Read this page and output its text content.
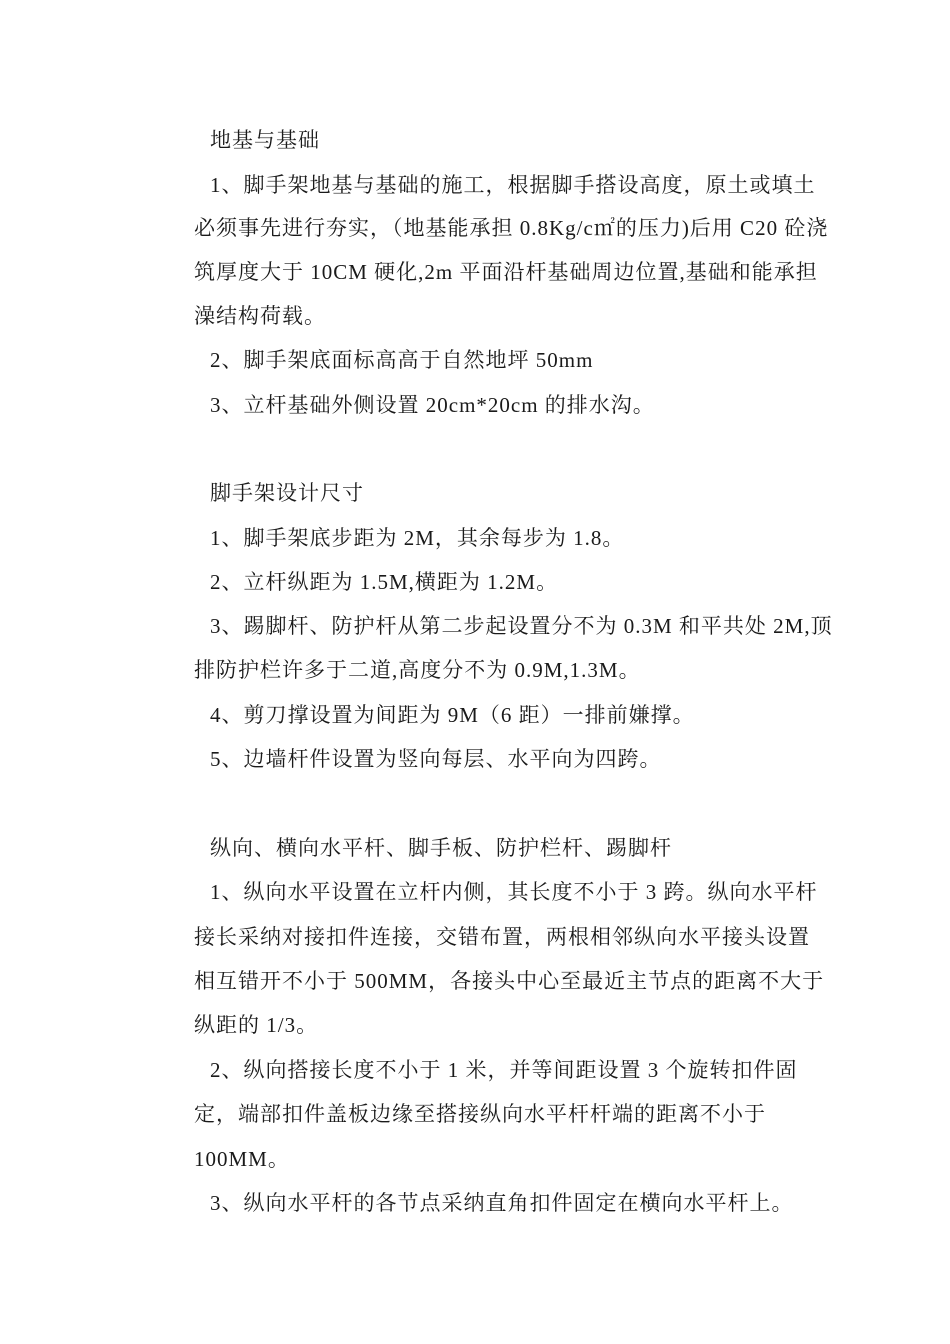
地基与基础
1、脚手架地基与基础的施工，根据脚手搭设高度，原土或填土
必须事先进行夯实，（地基能承担 0.8Kg/c㎡的压力)后用 C20 砼浇
筑厚度大于 10CM 硬化,2m 平面沿杆基础周边位置,基础和能承担
澡结构荷载。
2、脚手架底面标高高于自然地坪 50mm
3、立杆基础外侧设置 20cm*20cm 的排水沟。
脚手架设计尺寸
1、脚手架底步距为 2M，其余每步为 1.8。
2、立杆纵距为 1.5M,横距为 1.2M。
3、踢脚杆、防护杆从第二步起设置分不为 0.3M 和平共处 2M,顶
排防护栏许多于二道,高度分不为 0.9M,1.3M。
4、剪刀撑设置为间距为 9M（6 距）一排前嫌撑。
5、边墙杆件设置为竖向每层、水平向为四跨。
纵向、横向水平杆、脚手板、防护栏杆、踢脚杆
1、纵向水平设置在立杆内侧，其长度不小于 3 跨。纵向水平杆
接长采纳对接扣件连接，交错布置，两根相邻纵向水平接头设置
相互错开不小于 500MM，各接头中心至最近主节点的距离不大于
纵距的 1/3。
2、纵向搭接长度不小于 1 米，并等间距设置 3 个旋转扣件固
定，端部扣件盖板边缘至搭接纵向水平杆杆端的距离不小于
100MM。
3、纵向水平杆的各节点采纳直角扣件固定在横向水平杆上。
